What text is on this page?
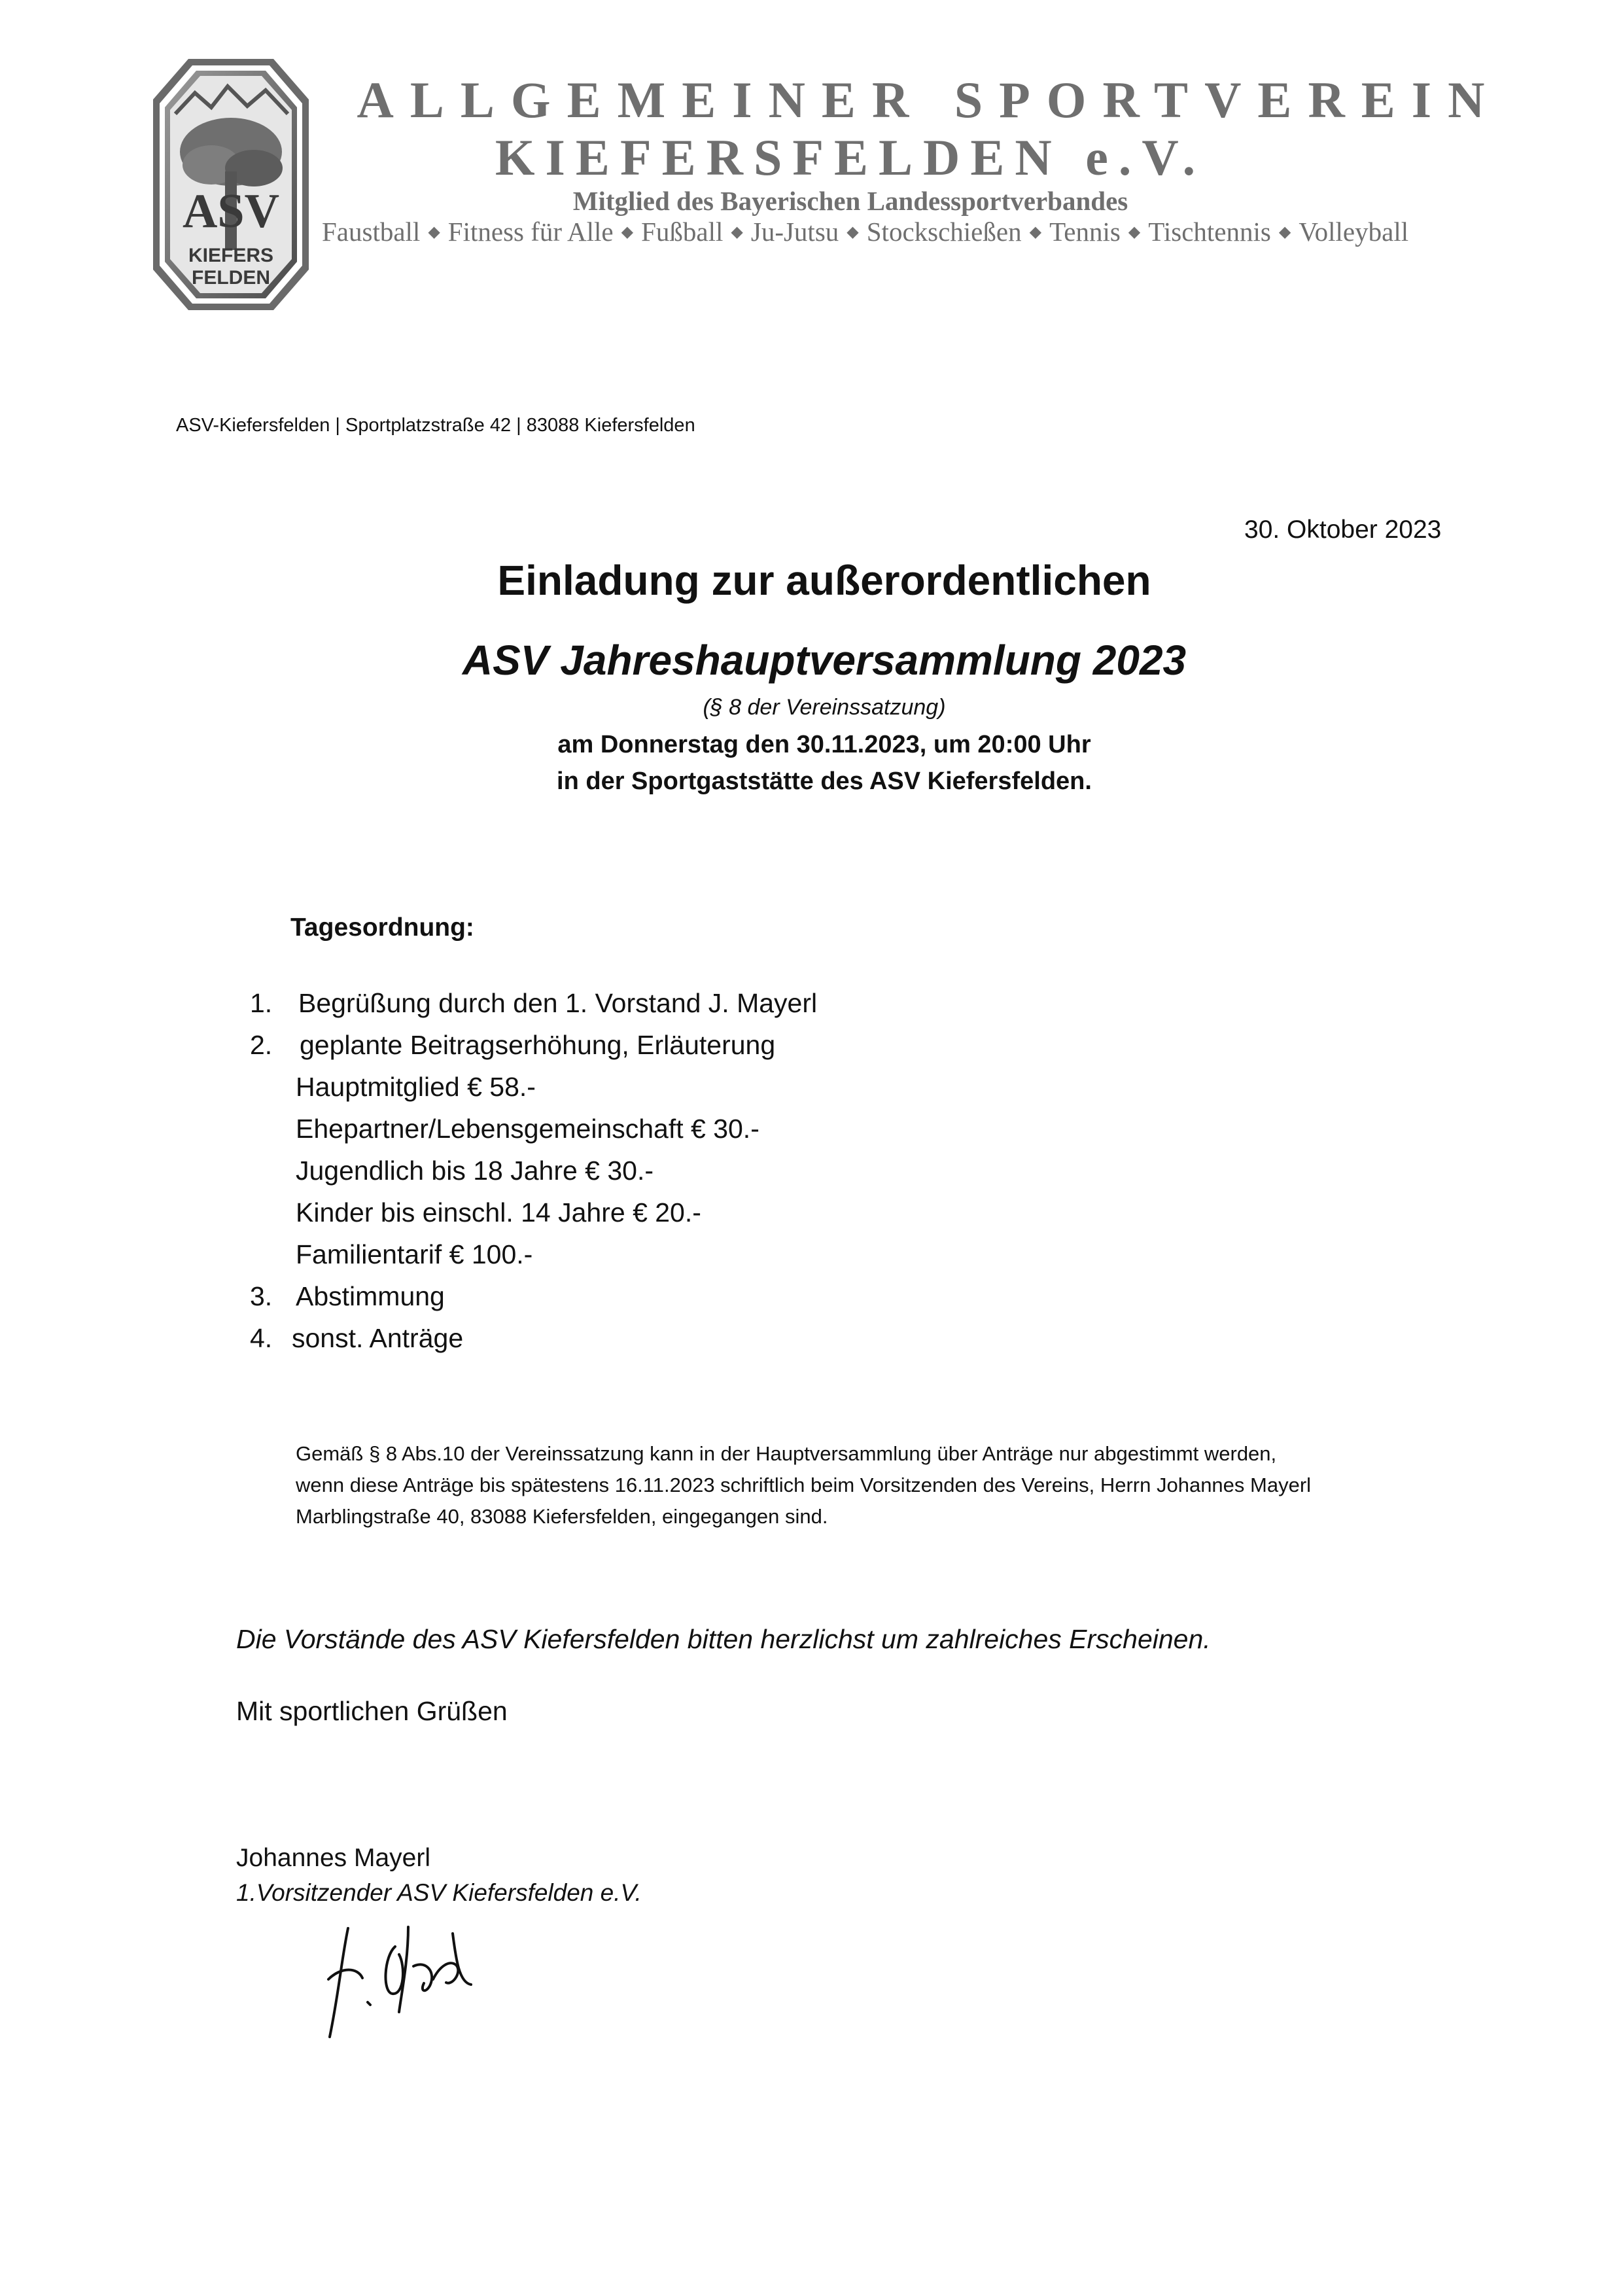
ASV
KIEFERS
FELDEN
ALLGEMEINER SPORTVEREIN
KIEFERSFELDEN e.V.
Mitglied des Bayerischen Landessportverbandes
Faustball ◆ Fitness für Alle ◆ Fußball ◆ Ju-Jutsu ◆ Stockschießen ◆ Tennis ◆ Tischtennis ◆ Volleyball
ASV-Kiefersfelden | Sportplatzstraße 42 | 83088 Kiefersfelden
30. Oktober 2023
Einladung zur außerordentlichen
ASV Jahreshauptversammlung 2023
(§ 8 der Vereinssatzung)
am Donnerstag den 30.11.2023, um 20:00 Uhr
in der Sportgaststätte des ASV Kiefersfelden.
Tagesordnung:
1. Begrüßung durch den 1. Vorstand J. Mayerl
2. geplante Beitragserhöhung, Erläuterung
Hauptmitglied € 58.-
Ehepartner/Lebensgemeinschaft € 30.-
Jugendlich bis 18 Jahre € 30.-
Kinder bis einschl. 14 Jahre € 20.-
Familientarif € 100.-
3. Abstimmung
4. sonst. Anträge
Gemäß § 8 Abs.10 der Vereinssatzung kann in der Hauptversammlung über Anträge nur abgestimmt werden,
wenn diese Anträge bis spätestens 16.11.2023 schriftlich beim Vorsitzenden des Vereins, Herrn Johannes Mayerl
Marblingstraße 40, 83088 Kiefersfelden, eingegangen sind.
Die Vorstände des ASV Kiefersfelden bitten herzlichst um zahlreiches Erscheinen.
Mit sportlichen Grüßen
Johannes Mayerl
1.Vorsitzender ASV Kiefersfelden e.V.
